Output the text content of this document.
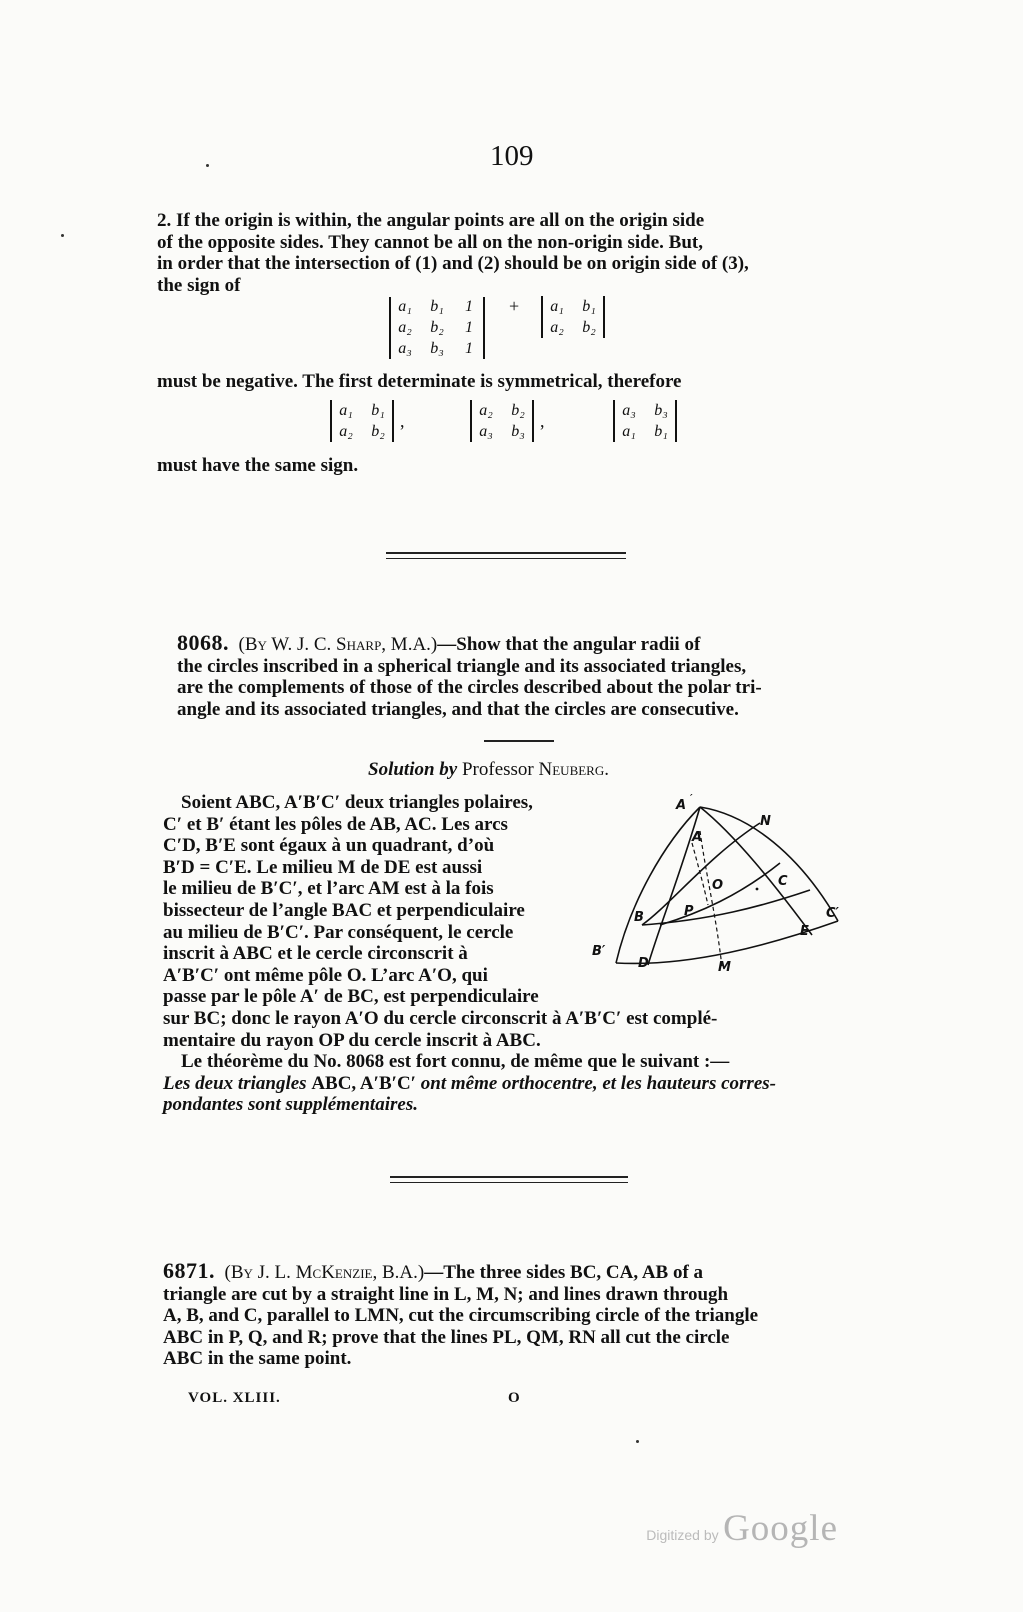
109
2. If the origin is within, the angular points are all on the origin side
of the opposite sides. They cannot be all on the non-origin side. But,
in order that the intersection of (1) and (2) should be on origin side of (3),
the sign of
a₁ b₁	1
a₂ b₂	1
a₃ b₃	1
+	a₁ b₁
a₂ b₂
must be negative. The first determinate is symmetrical, therefore
a₁ b₁
a₂ b₂
,	a₂ b₂
a₃ b₃
,	a₃ b₃
a₁ b₁
must have the same sign.
8068. (By W. J. C. Sharp, M.A.)—Show that the angular radii of
the circles inscribed in a spherical triangle and its associated triangles,
are the complements of those of the circles described about the polar tri-
angle and its associated triangles, and that the circles are consecutive.
Solution by Professor Neuberg.
Soient ABC, A′B′C′ deux triangles polaires,
C′ et B′ étant les pôles de AB, AC. Les arcs
C′D, B′E sont égaux à un quadrant, d’où
B′D = C′E. Le milieu M de DE est aussi
le milieu de B′C′, et l’arc AM est à la fois
bissecteur de l’angle BAC et perpendiculaire
au milieu de B′C′. Par conséquent, le cercle
inscrit à ABC et le cercle circonscrit à
A′B′C′ ont même pôle O. L’arc A′O, qui
passe par le pôle A′ de BC, est perpendiculaire
A ′
N
A
O	C
C′
B	P
E
B′
D	M
sur BC; donc le rayon A′O du cercle circonscrit à A′B′C′ est complé-
mentaire du rayon OP du cercle inscrit à ABC.
Le théorème du No. 8068 est fort connu, de même que le suivant :—
Les deux triangles ABC, A′B′C′ ont même orthocentre, et les hauteurs corres-
pondantes sont supplémentaires.
6871. (By J. L. McKenzie, B.A.)—The three sides BC, CA, AB of a
triangle are cut by a straight line in L, M, N; and lines drawn through
A, B, and C, parallel to LMN, cut the circumscribing circle of the triangle
ABC in P, Q, and R; prove that the lines PL, QM, RN all cut the circle
ABC in the same point.
VOL. XLIII.	O
Digitized by Google
